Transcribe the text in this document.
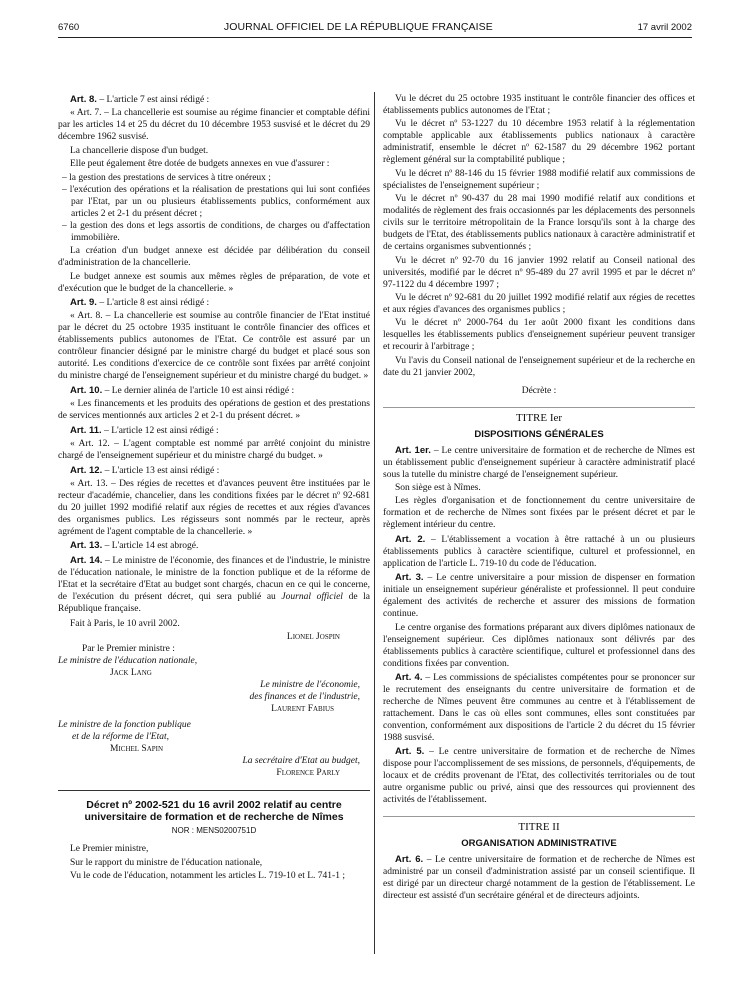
6760	JOURNAL OFFICIEL DE LA RÉPUBLIQUE FRANÇAISE	17 avril 2002

Art. 8. – L'article 7 est ainsi rédigé :

« Art. 7. – La chancellerie est soumise au régime financier et comptable défini par les articles 14 et 25 du décret du 10 décembre 1953 susvisé et le décret du 29 décembre 1962 susvisé.

La chancellerie dispose d'un budget.

Elle peut également être dotée de budgets annexes en vue d'assurer :

– la gestion des prestations de services à titre onéreux ;
– l'exécution des opérations et la réalisation de prestations qui lui sont confiées par l'Etat, par un ou plusieurs établissements publics, conformément aux articles 2 et 2-1 du présent décret ;
– la gestion des dons et legs assortis de conditions, de charges ou d'affectation immobilière.

La création d'un budget annexe est décidée par délibération du conseil d'administration de la chancellerie.

Le budget annexe est soumis aux mêmes règles de préparation, de vote et d'exécution que le budget de la chancellerie. »

Art. 9. – L'article 8 est ainsi rédigé :

« Art. 8. – La chancellerie est soumise au contrôle financier de l'Etat institué par le décret du 25 octobre 1935 instituant le contrôle financier des offices et établissements publics autonomes de l'Etat. Ce contrôle est assuré par un contrôleur financier désigné par le ministre chargé du budget et placé sous son autorité. Les conditions d'exercice de ce contrôle sont fixées par arrêté conjoint du ministre chargé de l'enseignement supérieur et du ministre chargé du budget. »

Art. 10. – Le dernier alinéa de l'article 10 est ainsi rédigé :

« Les financements et les produits des opérations de gestion et des prestations de services mentionnés aux articles 2 et 2-1 du présent décret. »

Art. 11. – L'article 12 est ainsi rédigé :

« Art. 12. – L'agent comptable est nommé par arrêté conjoint du ministre chargé de l'enseignement supérieur et du ministre chargé du budget. »

Art. 12. – L'article 13 est ainsi rédigé :

« Art. 13. – Des régies de recettes et d'avances peuvent être instituées par le recteur d'académie, chancelier, dans les conditions fixées par le décret nº 92-681 du 20 juillet 1992 modifié relatif aux régies de recettes et aux régies d'avances des organismes publics. Les régisseurs sont nommés par le recteur, après agrément de l'agent comptable de la chancellerie. »

Art. 13. – L'article 14 est abrogé.

Art. 14. – Le ministre de l'économie, des finances et de l'industrie, le ministre de l'éducation nationale, le ministre de la fonction publique et de la réforme de l'Etat et la secrétaire d'Etat au budget sont chargés, chacun en ce qui le concerne, de l'exécution du présent décret, qui sera publié au Journal officiel de la République française.

Fait à Paris, le 10 avril 2002.

Lionel Jospin

Par le Premier ministre :

Le ministre de l'éducation nationale,

Jack Lang

Le ministre de l'économie,

des finances et de l'industrie,

Laurent Fabius

Le ministre de la fonction publique

et de la réforme de l'Etat,

Michel Sapin

La secrétaire d'Etat au budget,

Florence Parly

Décret nº 2002-521 du 16 avril 2002 relatif au centre universitaire de formation et de recherche de Nîmes
NOR : MENS0200751D

Le Premier ministre,

Sur le rapport du ministre de l'éducation nationale,

Vu le code de l'éducation, notamment les articles L. 719-10 et L. 741-1 ;

Vu le décret du 25 octobre 1935 instituant le contrôle financier des offices et établissements publics autonomes de l'Etat ;

Vu le décret nº 53-1227 du 10 décembre 1953 relatif à la réglementation comptable applicable aux établissements publics nationaux à caractère administratif, ensemble le décret nº 62-1587 du 29 décembre 1962 portant règlement général sur la comptabilité publique ;

Vu le décret nº 88-146 du 15 février 1988 modifié relatif aux commissions de spécialistes de l'enseignement supérieur ;

Vu le décret nº 90-437 du 28 mai 1990 modifié relatif aux conditions et modalités de règlement des frais occasionnés par les déplacements des personnels civils sur le territoire métropolitain de la France lorsqu'ils sont à la charge des budgets de l'Etat, des établissements publics nationaux à caractère administratif et de certains organismes subventionnés ;

Vu le décret nº 92-70 du 16 janvier 1992 relatif au Conseil national des universités, modifié par le décret nº 95-489 du 27 avril 1995 et par le décret nº 97-1122 du 4 décembre 1997 ;

Vu le décret nº 92-681 du 20 juillet 1992 modifié relatif aux régies de recettes et aux régies d'avances des organismes publics ;

Vu le décret nº 2000-764 du 1er août 2000 fixant les conditions dans lesquelles les établissements publics d'enseignement supérieur peuvent transiger et recourir à l'arbitrage ;

Vu l'avis du Conseil national de l'enseignement supérieur et de la recherche en date du 21 janvier 2002,

Décrète :

TITRE Ier
DISPOSITIONS GÉNÉRALES

Art. 1er. – Le centre universitaire de formation et de recherche de Nîmes est un établissement public d'enseignement supérieur à caractère administratif placé sous la tutelle du ministre chargé de l'enseignement supérieur.

Son siège est à Nîmes.

Les règles d'organisation et de fonctionnement du centre universitaire de formation et de recherche de Nîmes sont fixées par le présent décret et par le règlement intérieur du centre.

Art. 2. – L'établissement a vocation à être rattaché à un ou plusieurs établissements publics à caractère scientifique, culturel et professionnel, en application de l'article L. 719-10 du code de l'éducation.

Art. 3. – Le centre universitaire a pour mission de dispenser en formation initiale un enseignement supérieur généraliste et professionnel. Il peut conduire également des activités de recherche et assurer des missions de formation continue.

Le centre organise des formations préparant aux divers diplômes nationaux de l'enseignement supérieur. Ces diplômes nationaux sont délivrés par des établissements publics à caractère scientifique, culturel et professionnel dans des conditions fixées par convention.

Art. 4. – Les commissions de spécialistes compétentes pour se prononcer sur le recrutement des enseignants du centre universitaire de formation et de recherche de Nîmes peuvent être communes au centre et à l'établissement de rattachement. Dans le cas où elles sont communes, elles sont constituées par convention, conformément aux dispositions de l'article 2 du décret du 15 février 1988 susvisé.

Art. 5. – Le centre universitaire de formation et de recherche de Nîmes dispose pour l'accomplissement de ses missions, de personnels, d'équipements, de locaux et de crédits provenant de l'Etat, des collectivités territoriales ou de tout autre organisme public ou privé, ainsi que des ressources qui proviennent des activités de l'établissement.

TITRE II
ORGANISATION ADMINISTRATIVE

Art. 6. – Le centre universitaire de formation et de recherche de Nîmes est administré par un conseil d'administration assisté par un conseil scientifique. Il est dirigé par un directeur chargé notamment de la gestion de l'établissement. Le directeur est assisté d'un secrétaire général et de directeurs adjoints.
